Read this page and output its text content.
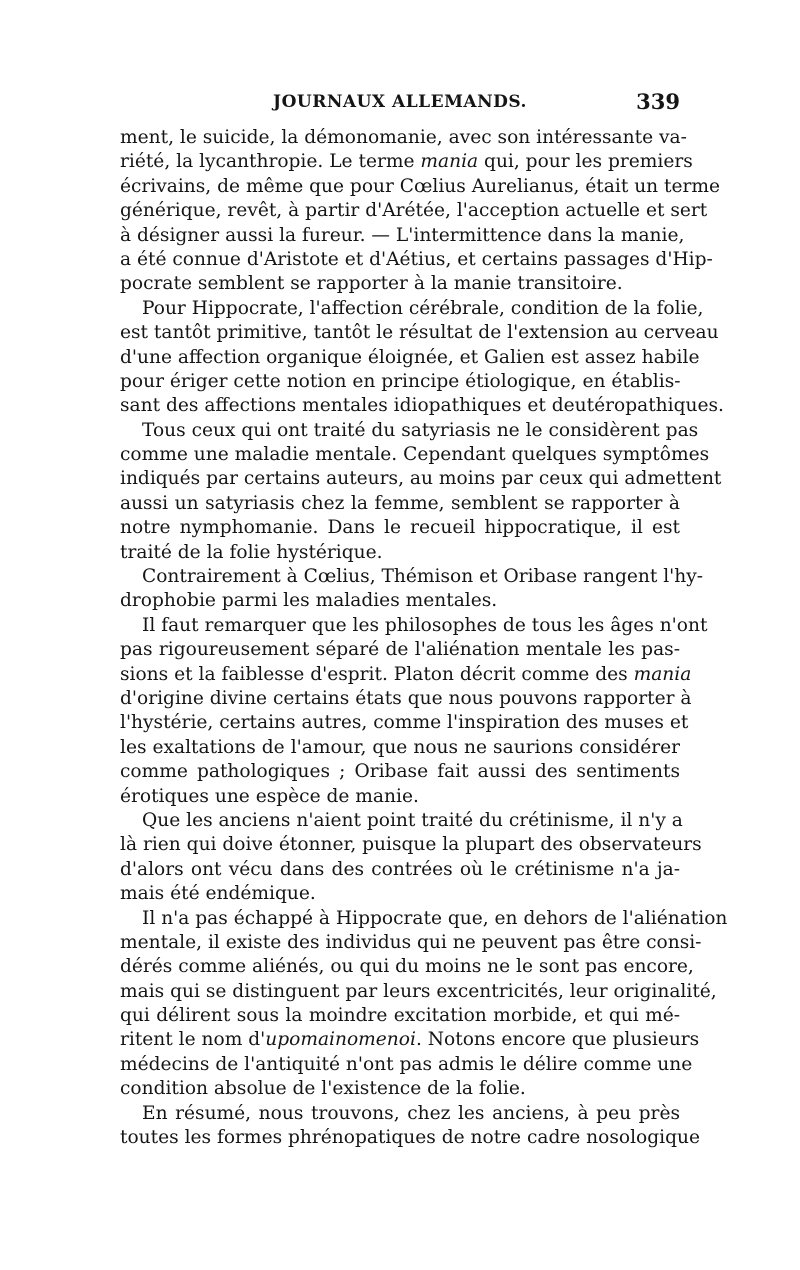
JOURNAUX ALLEMANDS.	339
ment, le suicide, la démonomanie, avec son intéressante va-
riété, la lycanthropie. Le terme mania qui, pour les premiers
écrivains, de même que pour Cœlius Aurelianus, était un terme
générique, revêt, à partir d'Arétée, l'acception actuelle et sert
à désigner aussi la fureur. — L'intermittence dans la manie,
a été connue d'Aristote et d'Aétius, et certains passages d'Hip-
pocrate semblent se rapporter à la manie transitoire.
Pour Hippocrate, l'affection cérébrale, condition de la folie,
est tantôt primitive, tantôt le résultat de l'extension au cerveau
d'une affection organique éloignée, et Galien est assez habile
pour ériger cette notion en principe étiologique, en établis-
sant des affections mentales idiopathiques et deutéropathiques.
Tous ceux qui ont traité du satyriasis ne le considèrent pas
comme une maladie mentale. Cependant quelques symptômes
indiqués par certains auteurs, au moins par ceux qui admettent
aussi un satyriasis chez la femme, semblent se rapporter à
notre nymphomanie. Dans le recueil hippocratique, il est
traité de la folie hystérique.
Contrairement à Cœlius, Thémison et Oribase rangent l'hy-
drophobie parmi les maladies mentales.
Il faut remarquer que les philosophes de tous les âges n'ont
pas rigoureusement séparé de l'aliénation mentale les pas-
sions et la faiblesse d'esprit. Platon décrit comme des mania
d'origine divine certains états que nous pouvons rapporter à
l'hystérie, certains autres, comme l'inspiration des muses et
les exaltations de l'amour, que nous ne saurions considérer
comme pathologiques ; Oribase fait aussi des sentiments
érotiques une espèce de manie.
Que les anciens n'aient point traité du crétinisme, il n'y a
là rien qui doive étonner, puisque la plupart des observateurs
d'alors ont vécu dans des contrées où le crétinisme n'a ja-
mais été endémique.
Il n'a pas échappé à Hippocrate que, en dehors de l'aliénation
mentale, il existe des individus qui ne peuvent pas être consi-
dérés comme aliénés, ou qui du moins ne le sont pas encore,
mais qui se distinguent par leurs excentricités, leur originalité,
qui délirent sous la moindre excitation morbide, et qui mé-
ritent le nom d'upomainomenoi. Notons encore que plusieurs
médecins de l'antiquité n'ont pas admis le délire comme une
condition absolue de l'existence de la folie.
En résumé, nous trouvons, chez les anciens, à peu près
toutes les formes phrénopatiques de notre cadre nosologique
